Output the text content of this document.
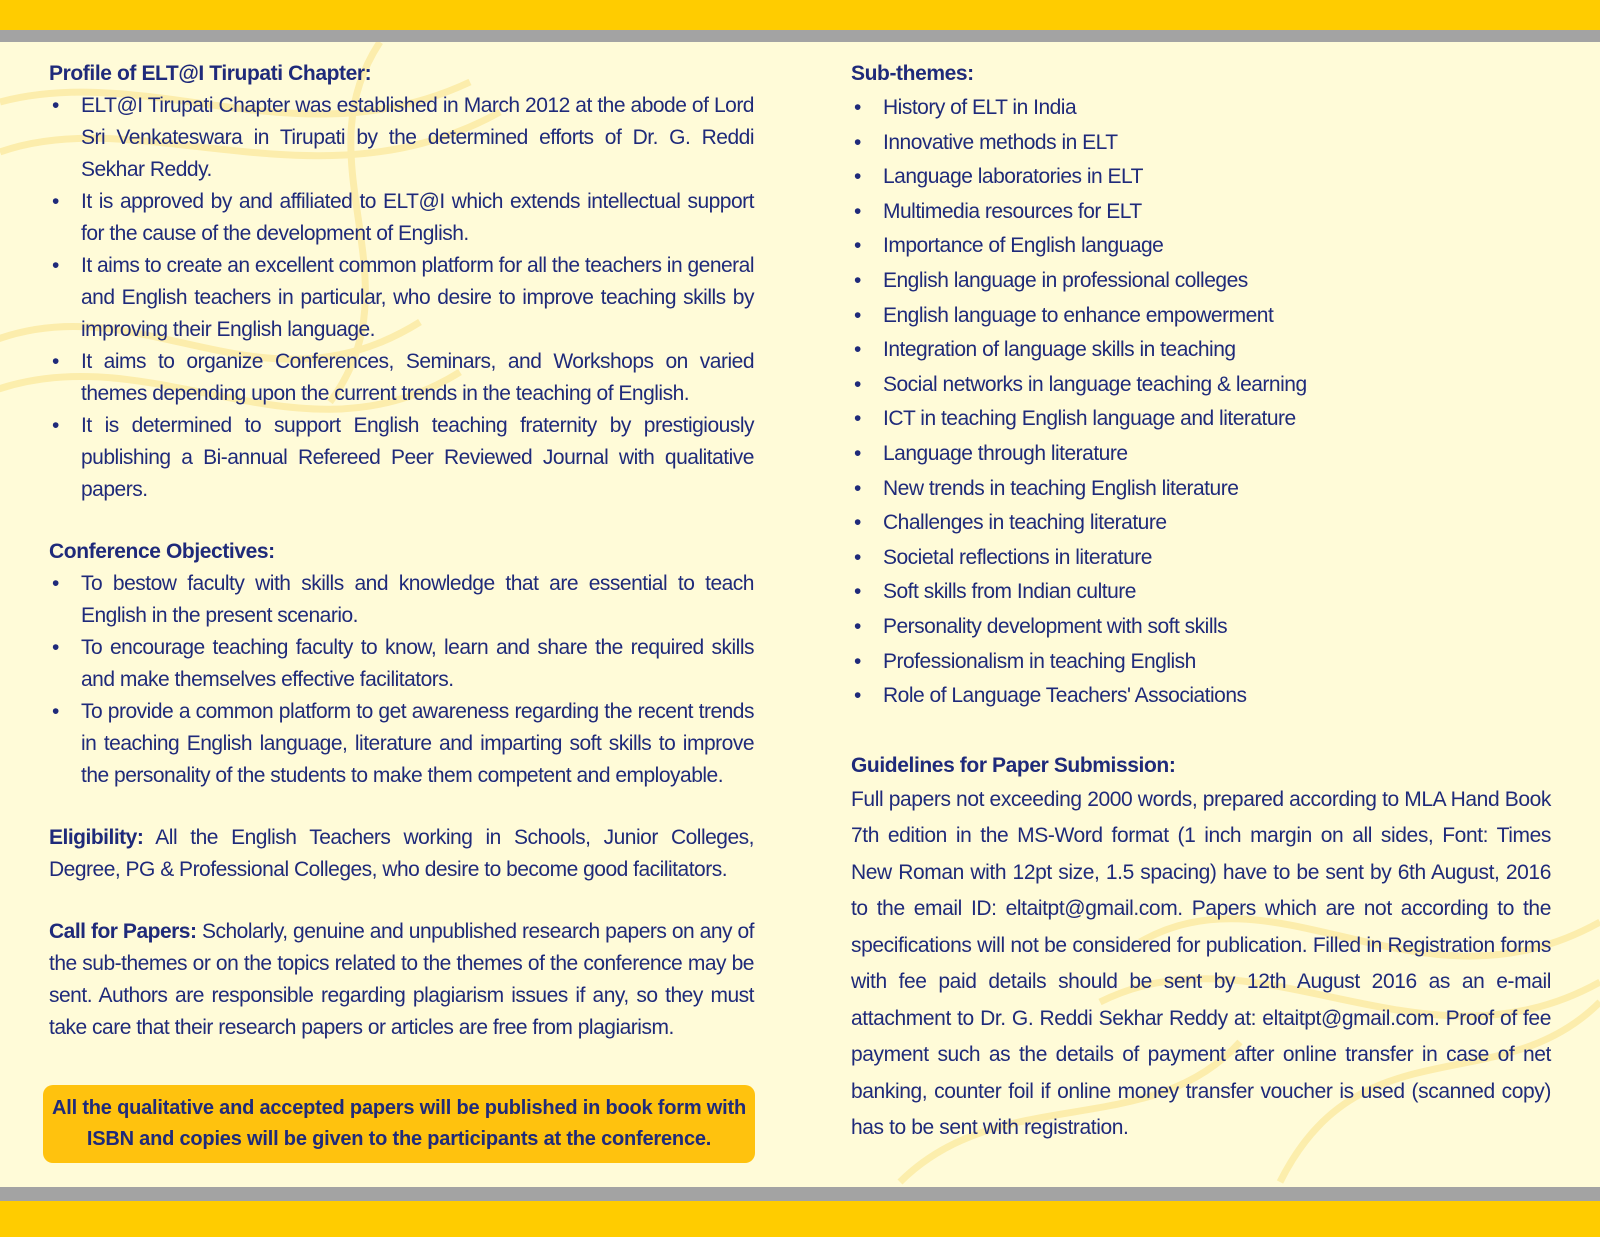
Profile of ELT@I Tirupati Chapter:
• ELT@I Tirupati Chapter was established in March 2012 at the abode of Lord Sri Venkateswara in Tirupati by the determined efforts of Dr. G. Reddi Sekhar Reddy.
• It is approved by and affiliated to ELT@I which extends intellectual support for the cause of the development of English.
• It aims to create an excellent common platform for all the teachers in general and English teachers in particular, who desire to improve teaching skills by improving their English language.
• It aims to organize Conferences, Seminars, and Workshops on varied themes depending upon the current trends in the teaching of English.
• It is determined to support English teaching fraternity by prestigiously publishing a Bi-annual Refereed Peer Reviewed Journal with qualitative papers.
Conference Objectives:
• To bestow faculty with skills and knowledge that are essential to teach English in the present scenario.
• To encourage teaching faculty to know, learn and share the required skills and make themselves effective facilitators.
• To provide a common platform to get awareness regarding the recent trends in teaching English language, literature and imparting soft skills to improve the personality of the students to make them competent and employable.

Eligibility: All the English Teachers working in Schools, Junior Colleges, Degree, PG & Professional Colleges, who desire to become good facilitators.

Call for Papers: Scholarly, genuine and unpublished research papers on any of the sub-themes or on the topics related to the themes of the conference may be sent. Authors are responsible regarding plagiarism issues if any, so they must take care that their research papers or articles are free from plagiarism.

All the qualitative and accepted papers will be published in book form with
ISBN and copies will be given to the participants at the conference.
Sub-themes:
• History of ELT in India
• Innovative methods in ELT
• Language laboratories in ELT
• Multimedia resources for ELT
• Importance of English language
• English language in professional colleges
• English language to enhance empowerment
• Integration of language skills in teaching
• Social networks in language teaching & learning
• ICT in teaching English language and literature
• Language through literature
• New trends in teaching English literature
• Challenges in teaching literature
• Societal reflections in literature
• Soft skills from Indian culture
• Personality development with soft skills
• Professionalism in teaching English
• Role of Language Teachers' Associations
Guidelines for Paper Submission:

Full papers not exceeding 2000 words, prepared according to MLA Hand Book 7th edition in the MS-Word format (1 inch margin on all sides, Font: Times New Roman with 12pt size, 1.5 spacing) have to be sent by 6th August, 2016 to the email ID: eltaitpt@gmail.com. Papers which are not according to the specifications will not be considered for publication. Filled in Registration forms with fee paid details should be sent by 12th August 2016 as an e-mail attachment to Dr. G. Reddi Sekhar Reddy at: eltaitpt@gmail.com. Proof of fee payment such as the details of payment after online transfer in case of net banking, counter foil if online money transfer voucher is used (scanned copy) has to be sent with registration.
